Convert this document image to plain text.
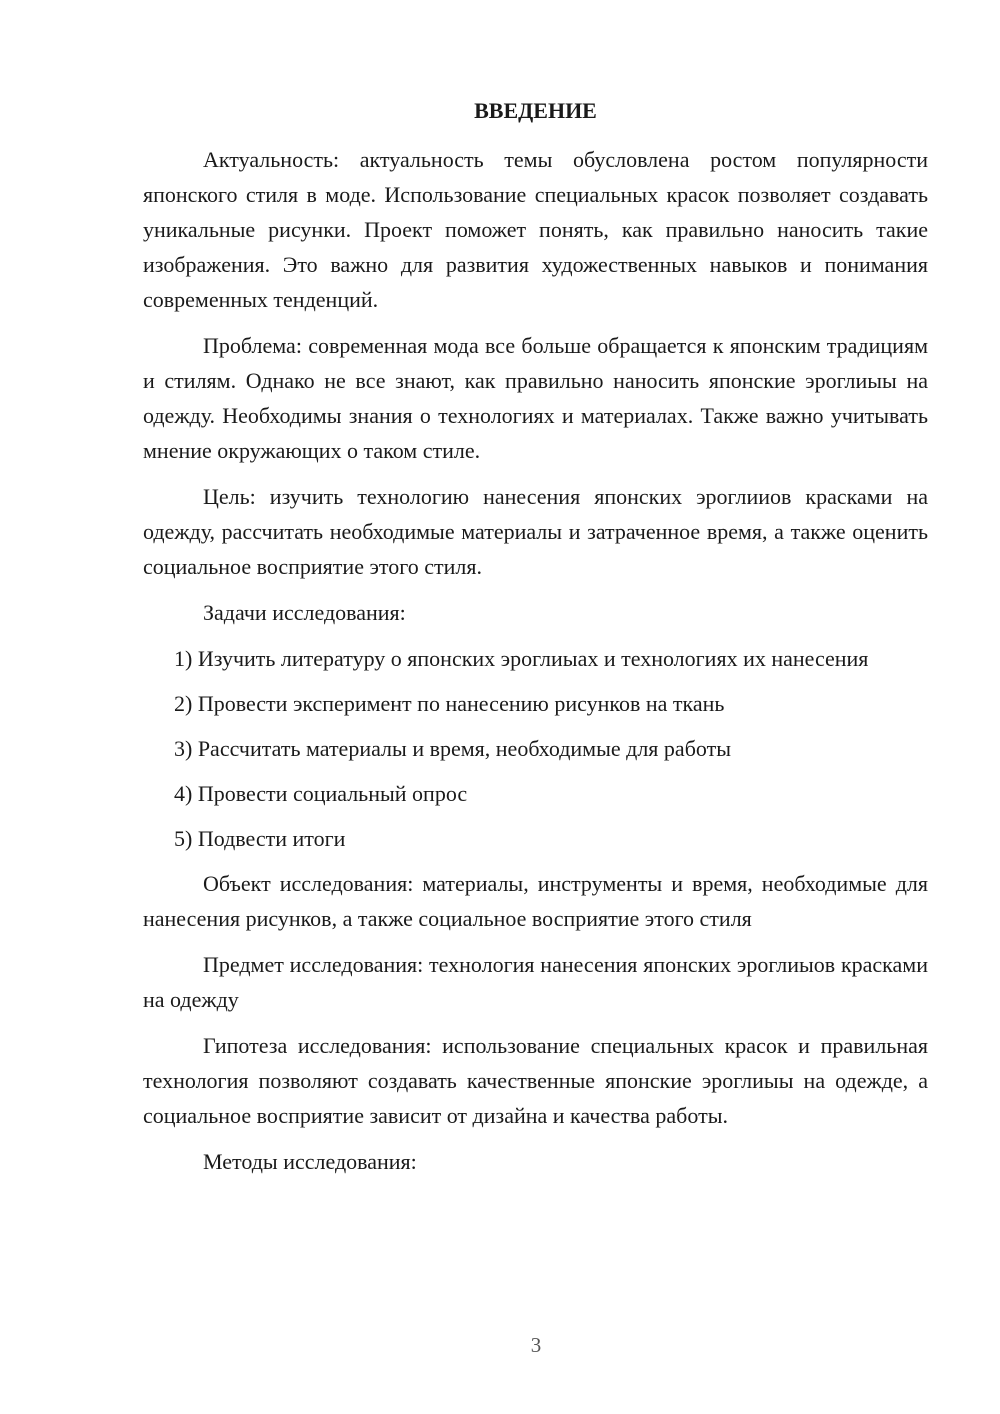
ВВЕДЕНИЕ

Актуальность: актуальность темы обусловлена ростом популярности японского стиля в моде. Использование специальных красок позволяет создавать уникальные рисунки. Проект поможет понять, как правильно наносить такие изображения. Это важно для развития художественных навыков и понимания современных тенденций.

Проблема: современная мода все больше обращается к японским традициям и стилям. Однако не все знают, как правильно наносить японские эроглиыы на одежду. Необходимы знания о технологиях и материалах. Также важно учитывать мнение окружающих о таком стиле.

Цель: изучить технологию нанесения японских эроглииов красками на одежду, рассчитать необходимые материалы и затраченное время, а также оценить социальное восприятие этого стиля.

Задачи исследования:

1) Изучить литературу о японских эроглиыах и технологиях их нанесения

2) Провести эксперимент по нанесению рисунков на ткань

3) Рассчитать материалы и время, необходимые для работы

4) Провести социальный опрос

5) Подвести итоги

Объект исследования: материалы, инструменты и время, необходимые для нанесения рисунков, а также социальное восприятие этого стиля

Предмет исследования: технология нанесения японских эроглиыов красками на одежду

Гипотеза исследования: использование специальных красок и правильная технология позволяют создавать качественные японские эроглиыы на одежде, а социальное восприятие зависит от дизайна и качества работы.

Методы исследования:

3
